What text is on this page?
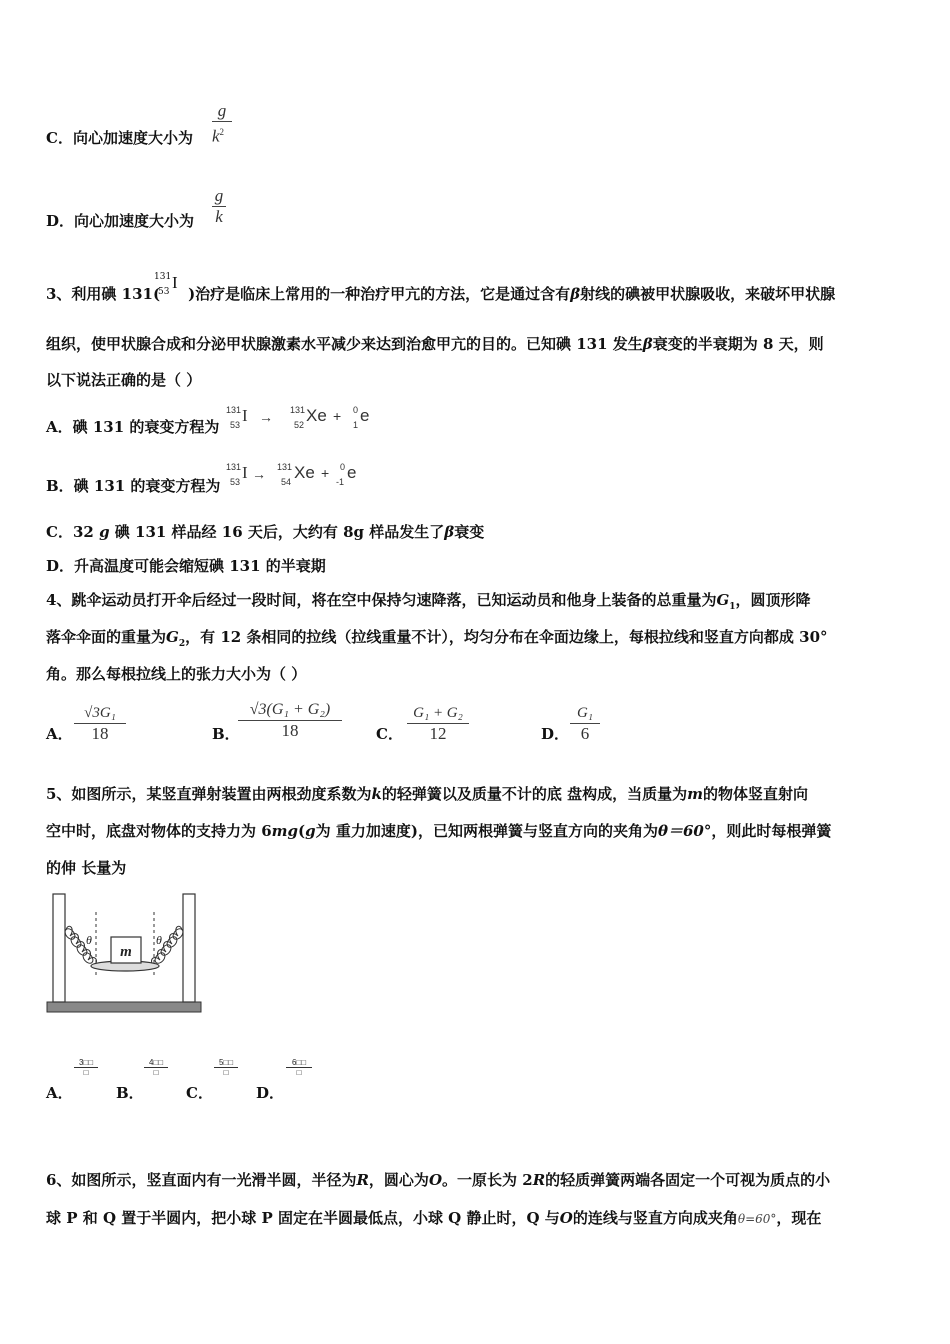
C．向心加速度大小为
g
$k^2$
D．向心加速度大小为
g
k
3、利用碘 131( )治疗是临床上常用的一种治疗甲亢的方法，它是通过含有β射线的碘被甲状腺吸收，来破坏甲状腺
131
53 I
组织，使甲状腺合成和分泌甲状腺激素水平减少来达到治愈甲亢的目的。已知碘 131 发生β衰变的半衰期为 8 天，则
以下说法正确的是（ ）
A．碘 131 的衰变方程为
131
53 I → 131
52 Xe + 0
1 e
B．碘 131 的衰变方程为
131
53 I → 131
54 Xe + 0
-1 e
C．32 g 碘 131 样品经 16 天后，大约有 8g 样品发生了β衰变
D．升高温度可能会缩短碘 131 的半衰期
4、跳伞运动员打开伞后经过一段时间，将在空中保持匀速降落，已知运动员和他身上装备的总重量为$G_1$，圆顶形降
落伞伞面的重量为$G_2$，有 12 条相同的拉线（拉线重量不计），均匀分布在伞面边缘上，每根拉线和竖直方向都成 30°
角。那么每根拉线上的张力大小为（ ）
A．
√3G₁
18	B．
√3(G₁ + G₂)
18	C．
G₁ + G₂
12	D．
G₁
6
5、如图所示，某竖直弹射装置由两根劲度系数为k的轻弹簧以及质量不计的底 盘构成，当质量为m的物体竖直射向
空中时，底盘对物体的支持力为 6mg(g为 重力加速度)，已知两根弹簧与竖直方向的夹角为θ＝60°，则此时每根弹簧
的伸 长量为
m
θ	θ
A．
3□□
□
B．
4□□
□
C．
5□□
□
D．
6□□
□
6、如图所示，竖直面内有一光滑半圆，半径为R，圆心为O。一原长为 2R的轻质弹簧两端各固定一个可视为质点的小
球 P 和 Q 置于半圆内，把小球 P 固定在半圆最低点，小球 Q 静止时，Q 与O的连线与竖直方向成夹角θ=60°，现在
